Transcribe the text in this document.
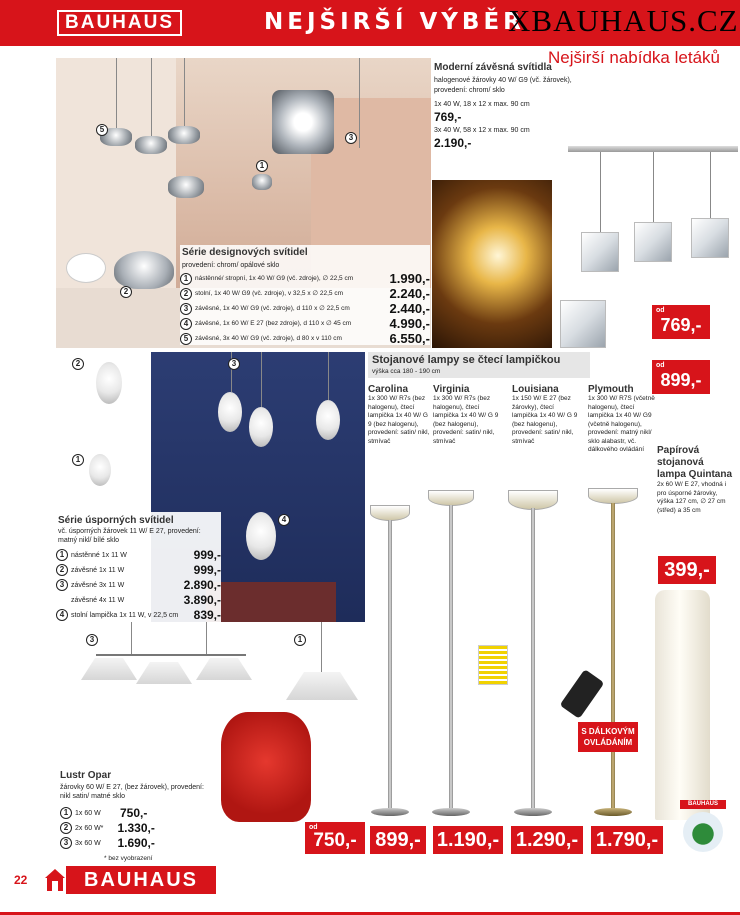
BAUHAUS	NEJŠIRŠÍ VÝBĚR
XBAUHAUS.CZ
Nejširší nabídka letáků
5
1
3
2
Série designových svítidel
provedení: chrom/ opálové sklo
1	nástěnné/ stropní, 1x 40 W/ G9 (vč. zdroje), ∅ 22,5 cm	1.990,-
2	stolní, 1x 40 W/ G9 (vč. zdroje), v 32,5 x ∅ 22,5 cm	2.240,-
3	závěsné, 1x 40 W/ G9 (vč. zdroje), d 110 x ∅ 22,5 cm	2.440,-
4	závěsné, 1x 60 W/ E 27 (bez zdroje), d 110 x ∅ 45 cm	4.990,-
5	závěsné, 3x 40 W/ G9 (vč. zdroje), d 80 x v 110 cm	6.550,-
Moderní závěsná svítidla
halogenové žárovky 40 W/ G9 (vč. žárovek), provedení: chrom/ sklo
1x 40 W, 18 x 12 x max. 90 cm
769,-
3x 40 W, 58 x 12 x max. 90 cm
2.190,-
od
769,-
2	3
1
4
Série úsporných svítidel
vč. úsporných žárovek 11 W/ E 27, provedení: matný nikl/ bílé sklo
1 nástěnné 1x 11 W	999,-
2 závěsné 1x 11 W	999,-
3 závěsné 3x 11 W	2.890,-
závěsné 4x 11 W	3.890,-
4 stolní lampička 1x 11 W, v 22,5 cm	839,-
3	1
Lustr Opar
žárovky 60 W/ E 27, (bez žárovek), provedení: nikl satin/ matné sklo
1 1x 60 W	750,-
2 2x 60 W*	1.330,-
3 3x 60 W	1.690,-
* bez vyobrazení
od
750,-
Stojanové lampy se čtecí lampičkou
výška cca 180 - 190 cm
od
899,-
Carolina
1x 300 W/ R7s (bez halogenu), čtecí lampička 1x 40 W/ G 9 (bez halogenu), provedení: satin/ nikl, stmívač
Virginia
1x 300 W/ R7s (bez halogenu), čtecí lampička 1x 40 W/ G 9 (bez halogenu), provedení: satin/ nikl, stmívač
Louisiana
1x 150 W/ E 27 (bez žárovky), čtecí lampička 1x 40 W/ G 9 (bez halogenu), provedení: satin/ nikl, stmívač
Plymouth
1x 300 W/ R7S (včetně halogenu), čtecí lampička 1x 40 W/ G9 (včetně halogenu), provedení: matný nikl/ sklo alabastr, vč. dálkového ovládání
S DÁLKOVÝM OVLÁDÁNÍM
899,- 1.190,- 1.290,- 1.790,-
Papírová stojanová lampa Quintana
2x 60 W/ E 27, vhodná i pro úsporné žárovky, výška 127 cm, ∅ 27 cm (střed) a 35 cm
399,-
BAUHAUS
22	BAUHAUS
